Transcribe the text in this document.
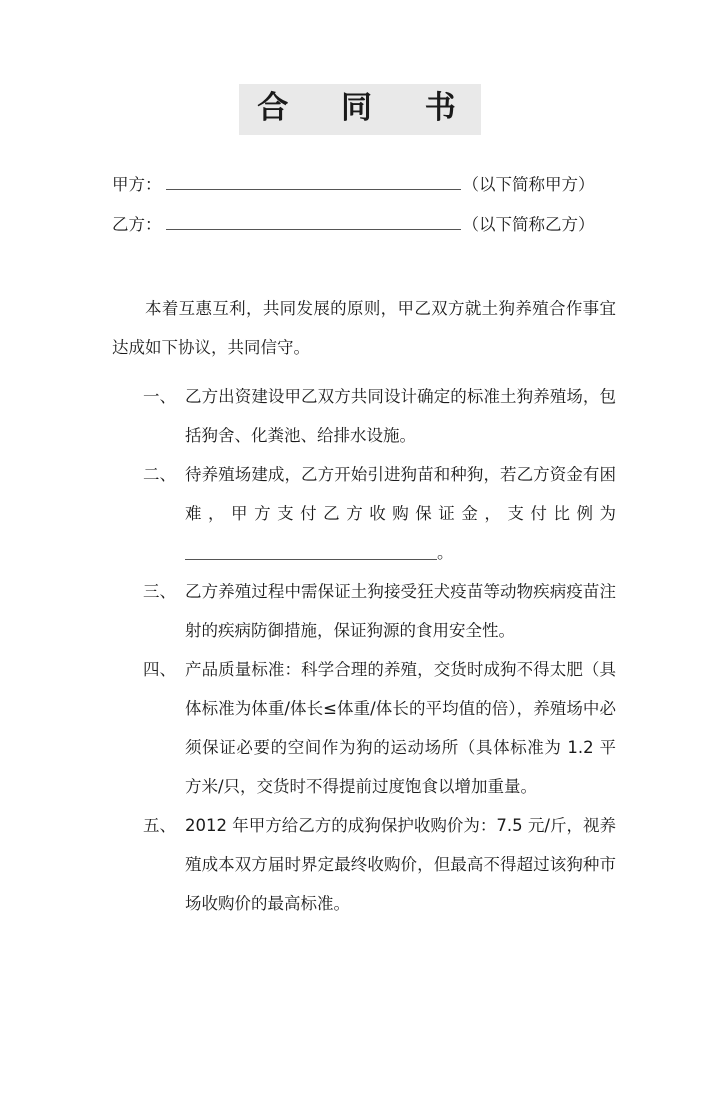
合 同 书
甲方：	（以下简称甲方）
乙方：	（以下简称乙方）
本着互惠互利，共同发展的原则，甲乙双方就土狗养殖合作事宜达成如下协议，共同信守。
一、 乙方出资建设甲乙双方共同设计确定的标准土狗养殖场，包括狗舍、化粪池、给排水设施。
二、 待养殖场建成，乙方开始引进狗苗和种狗，若乙方资金有困难，甲方支付乙方收购保证金，支付比例为。
三、 乙方养殖过程中需保证土狗接受狂犬疫苗等动物疾病疫苗注射的疾病防御措施，保证狗源的食用安全性。
四、 产品质量标准：科学合理的养殖，交货时成狗不得太肥（具体标准为体重/体长≤体重/体长的平均值的倍），养殖场中必须保证必要的空间作为狗的运动场所（具体标准为 1.2 平方米/只，交货时不得提前过度饱食以增加重量。
五、 2012 年甲方给乙方的成狗保护收购价为：7.5 元/斤，视养殖成本双方届时界定最终收购价，但最高不得超过该狗种市场收购价的最高标准。
